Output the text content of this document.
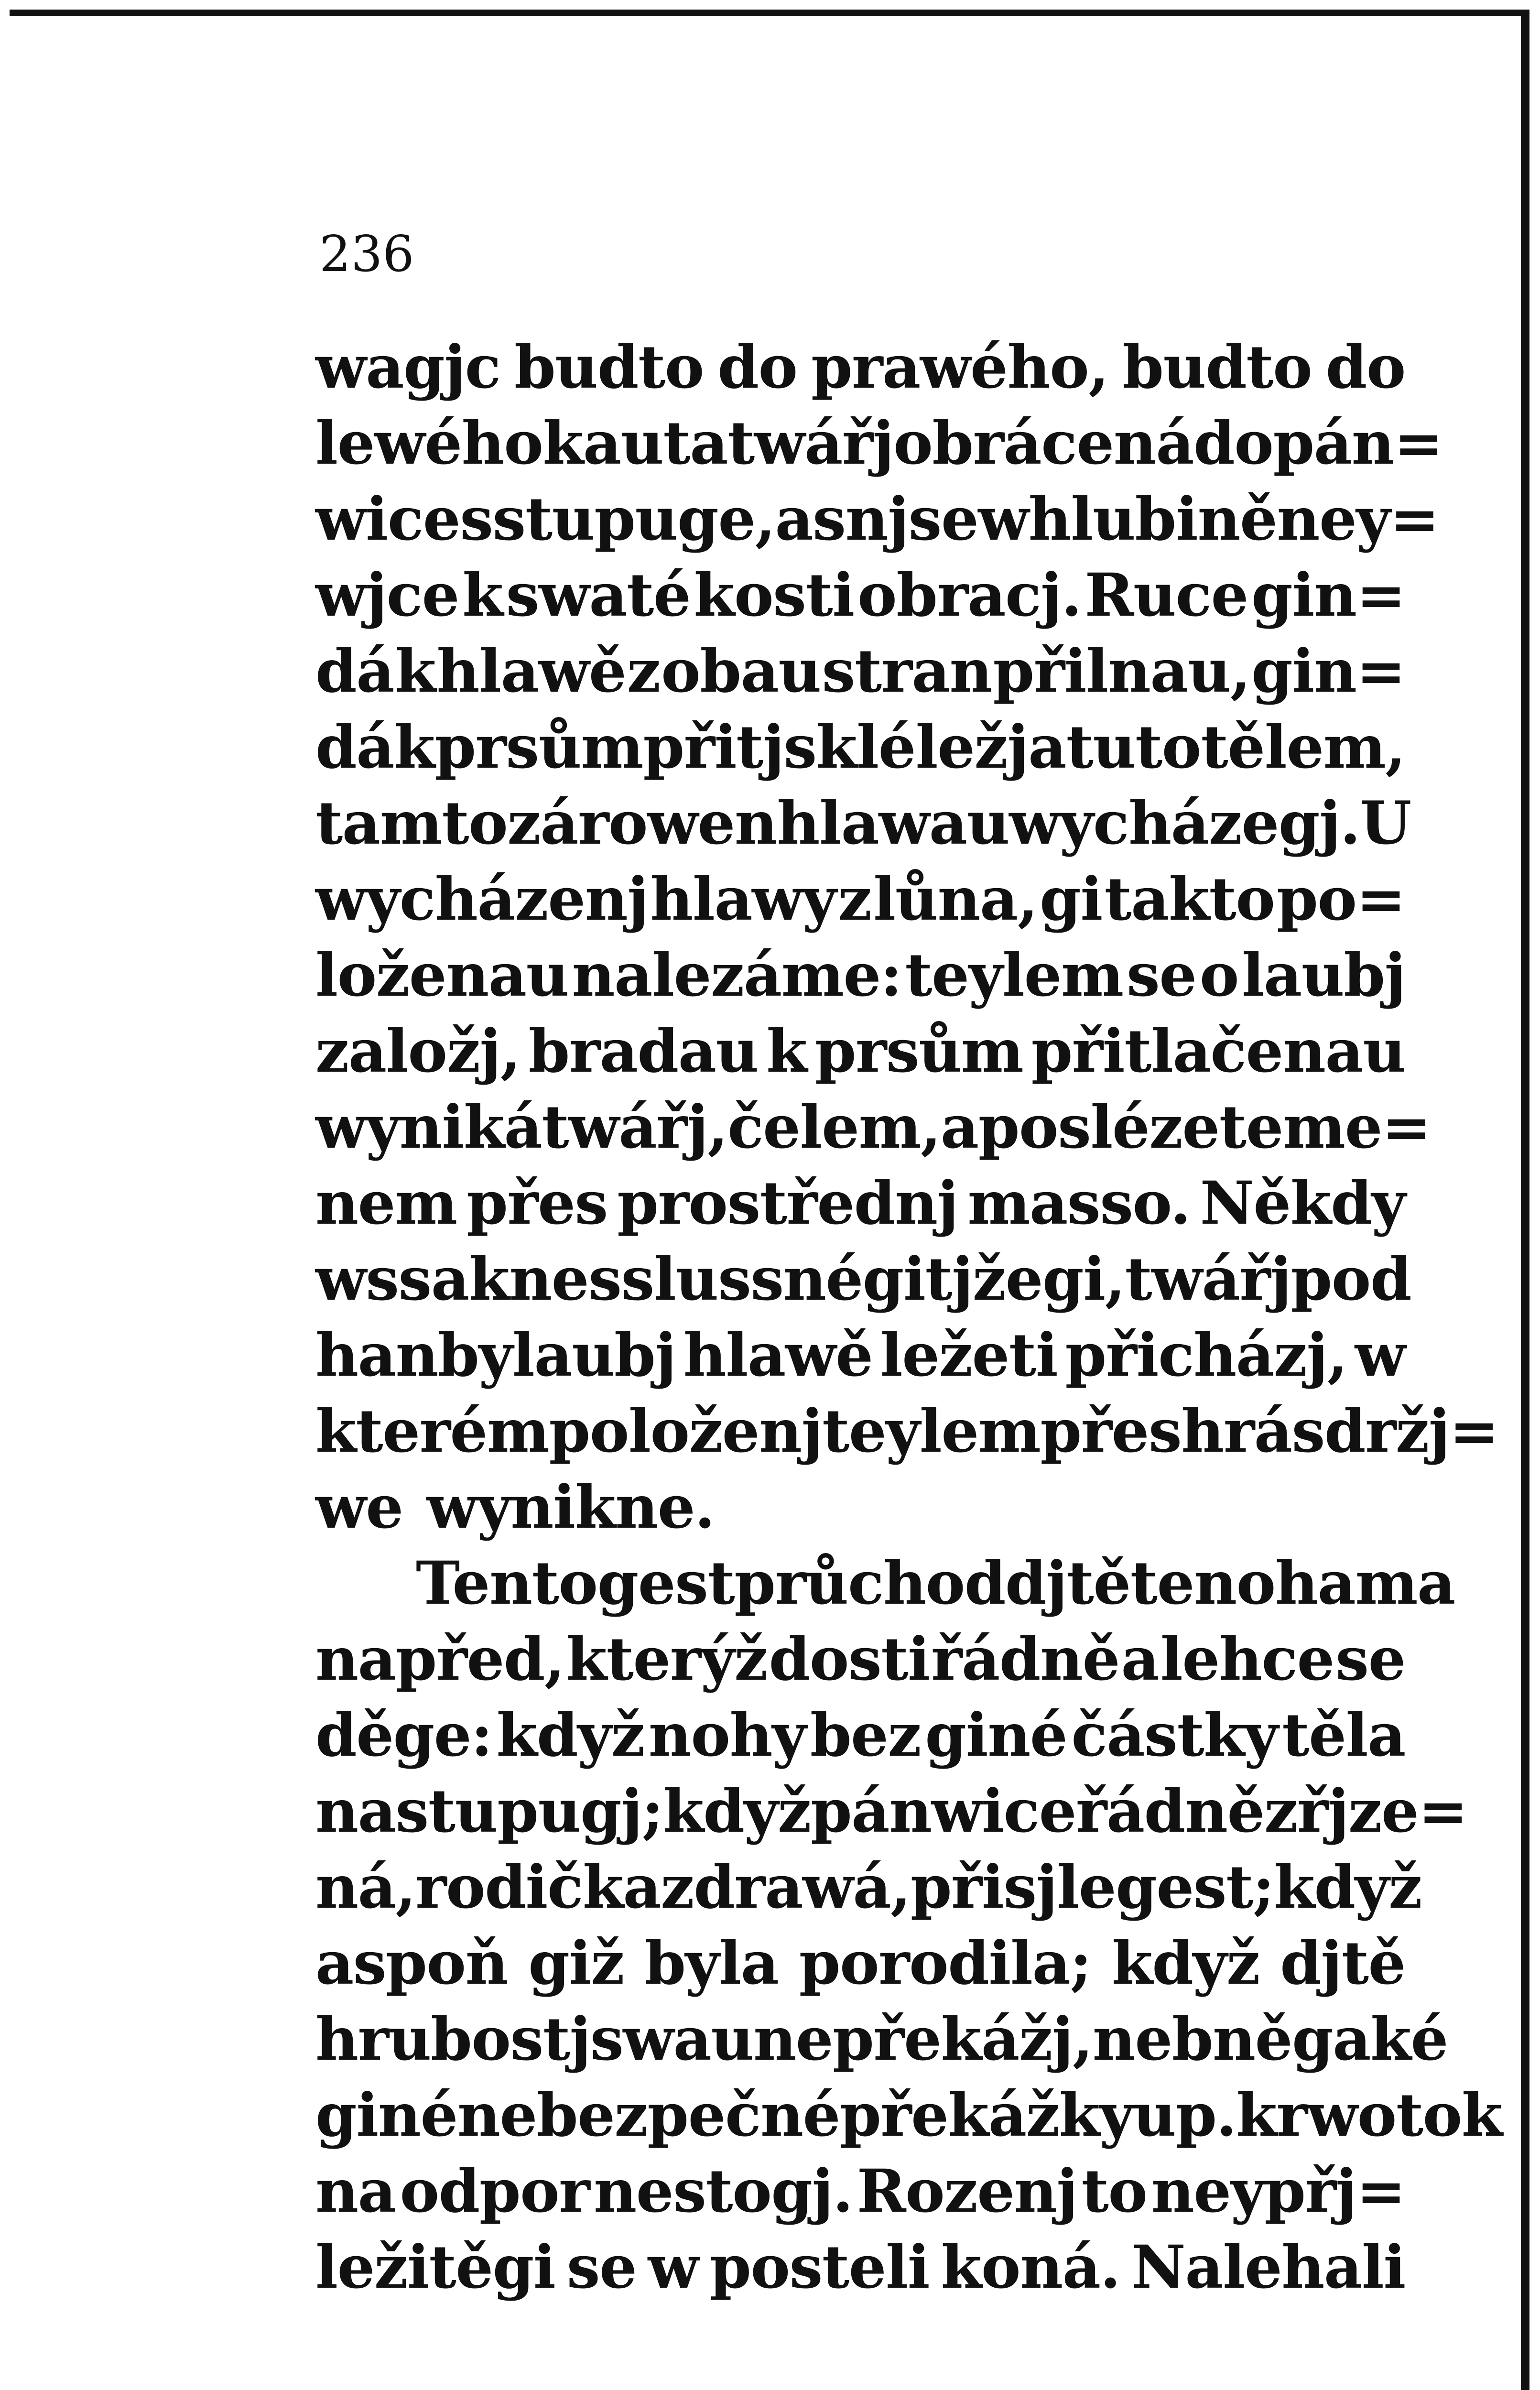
236
wagjc budto do prawého, budto do
lewého kauta twářj obrácená do pán=
wice sstupuge, a s nj se w hlubině ney=
wjce k swaté kosti obracj. Ruce gin=
dá k hlawě z obau stran přilnau, gin=
dá k prsům přitjsklé ležj a tuto tělem,
tamto zárowen hlawau wycházegj. U
wycházenj hlawy z lůna, gi takto po=
loženau nalezáme: teylem se o laubj
založj, bradau k prsům přitlačenau
wyniká twářj, čelem, a posléze teme=
nem přes prostřednj masso. Někdy
wssak nesslussnégi tjžegi, twářj pod
hanbylaubj hlawě ležeti přicházj, w
kterém položenj teylem přes hrás držj=
we wynikne.
Tento gest průchod djtěte nohama
napřed, kterýž dosti řádně a lehce se
děge: když nohy bez giné částky těla
nastupugj; když pánwice řádně zřjze=
ná, rodička zdrawá, při sjle gest; když
aspoň giž byla porodila; když djtě
hrubostj swau nepřekážj, neb něgaké
giné nebezpečné překážky u p. krwotok
na odpor nestogj. Rozenj to neypřj=
ležitěgi se w posteli koná. Nalehali
